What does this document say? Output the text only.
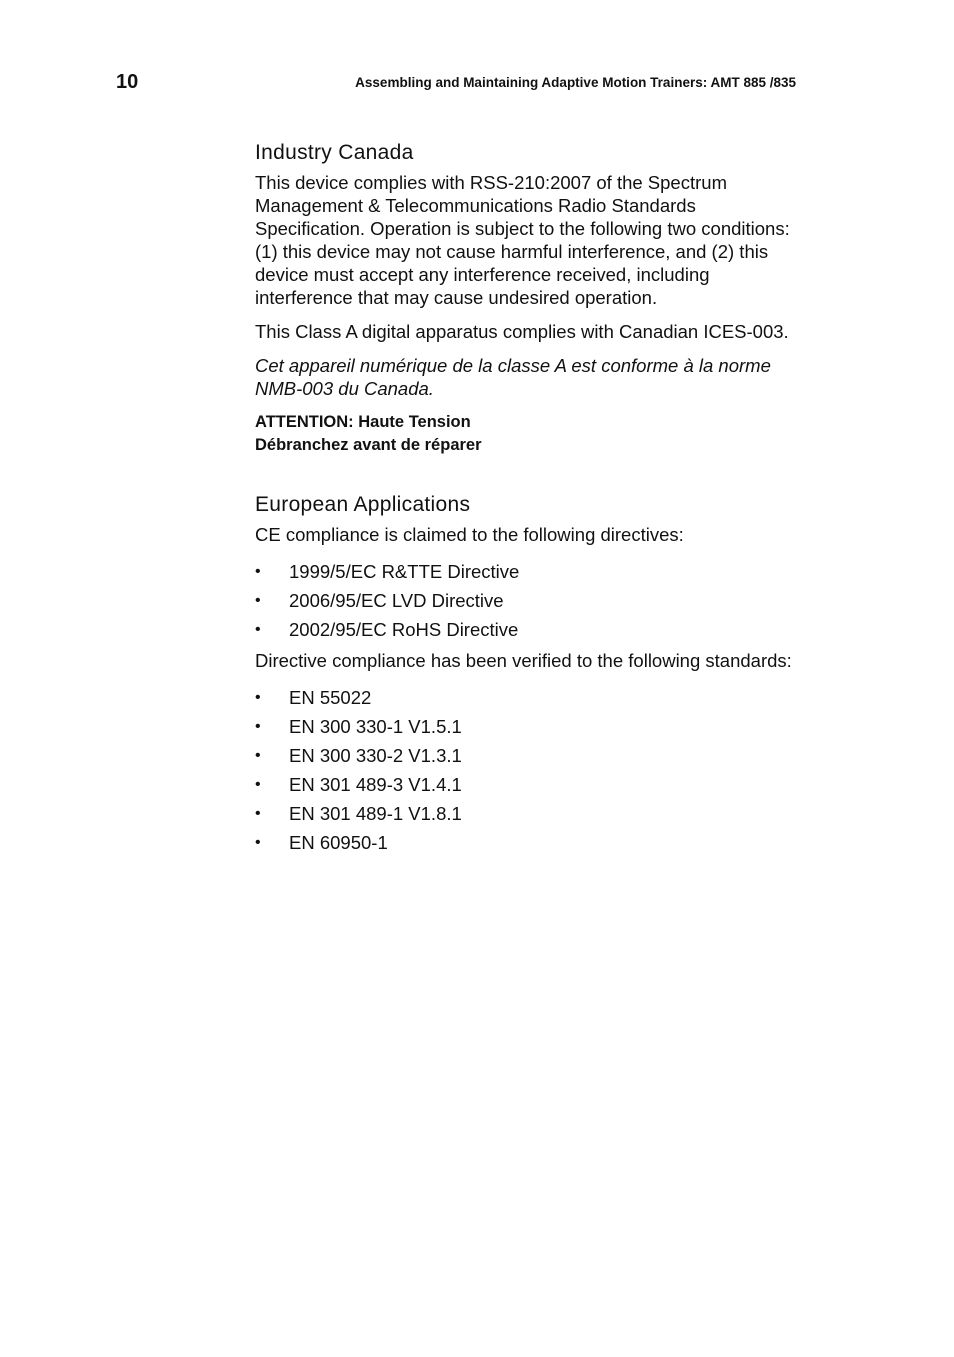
10	Assembling and Maintaining Adaptive Motion Trainers: AMT 885 /835
Industry Canada

This device complies with RSS-210:2007 of the Spectrum Management & Telecommunications Radio Standards Specification. Operation is subject to the following two conditions: (1) this device may not cause harmful interference, and (2) this device must accept any interference received, including interference that may cause undesired operation.

This Class A digital apparatus complies with Canadian ICES-003.

Cet appareil numérique de la classe A est conforme à la norme NMB-003 du Canada.

ATTENTION: Haute Tension

Débranchez avant de réparer

European Applications

CE compliance is claimed to the following directives:

• 1999/5/EC R&TTE Directive
• 2006/95/EC LVD Directive
• 2002/95/EC RoHS Directive

Directive compliance has been verified to the following standards:

• EN 55022
• EN 300 330-1 V1.5.1
• EN 300 330-2 V1.3.1
• EN 301 489-3 V1.4.1
• EN 301 489-1 V1.8.1
• EN 60950-1
